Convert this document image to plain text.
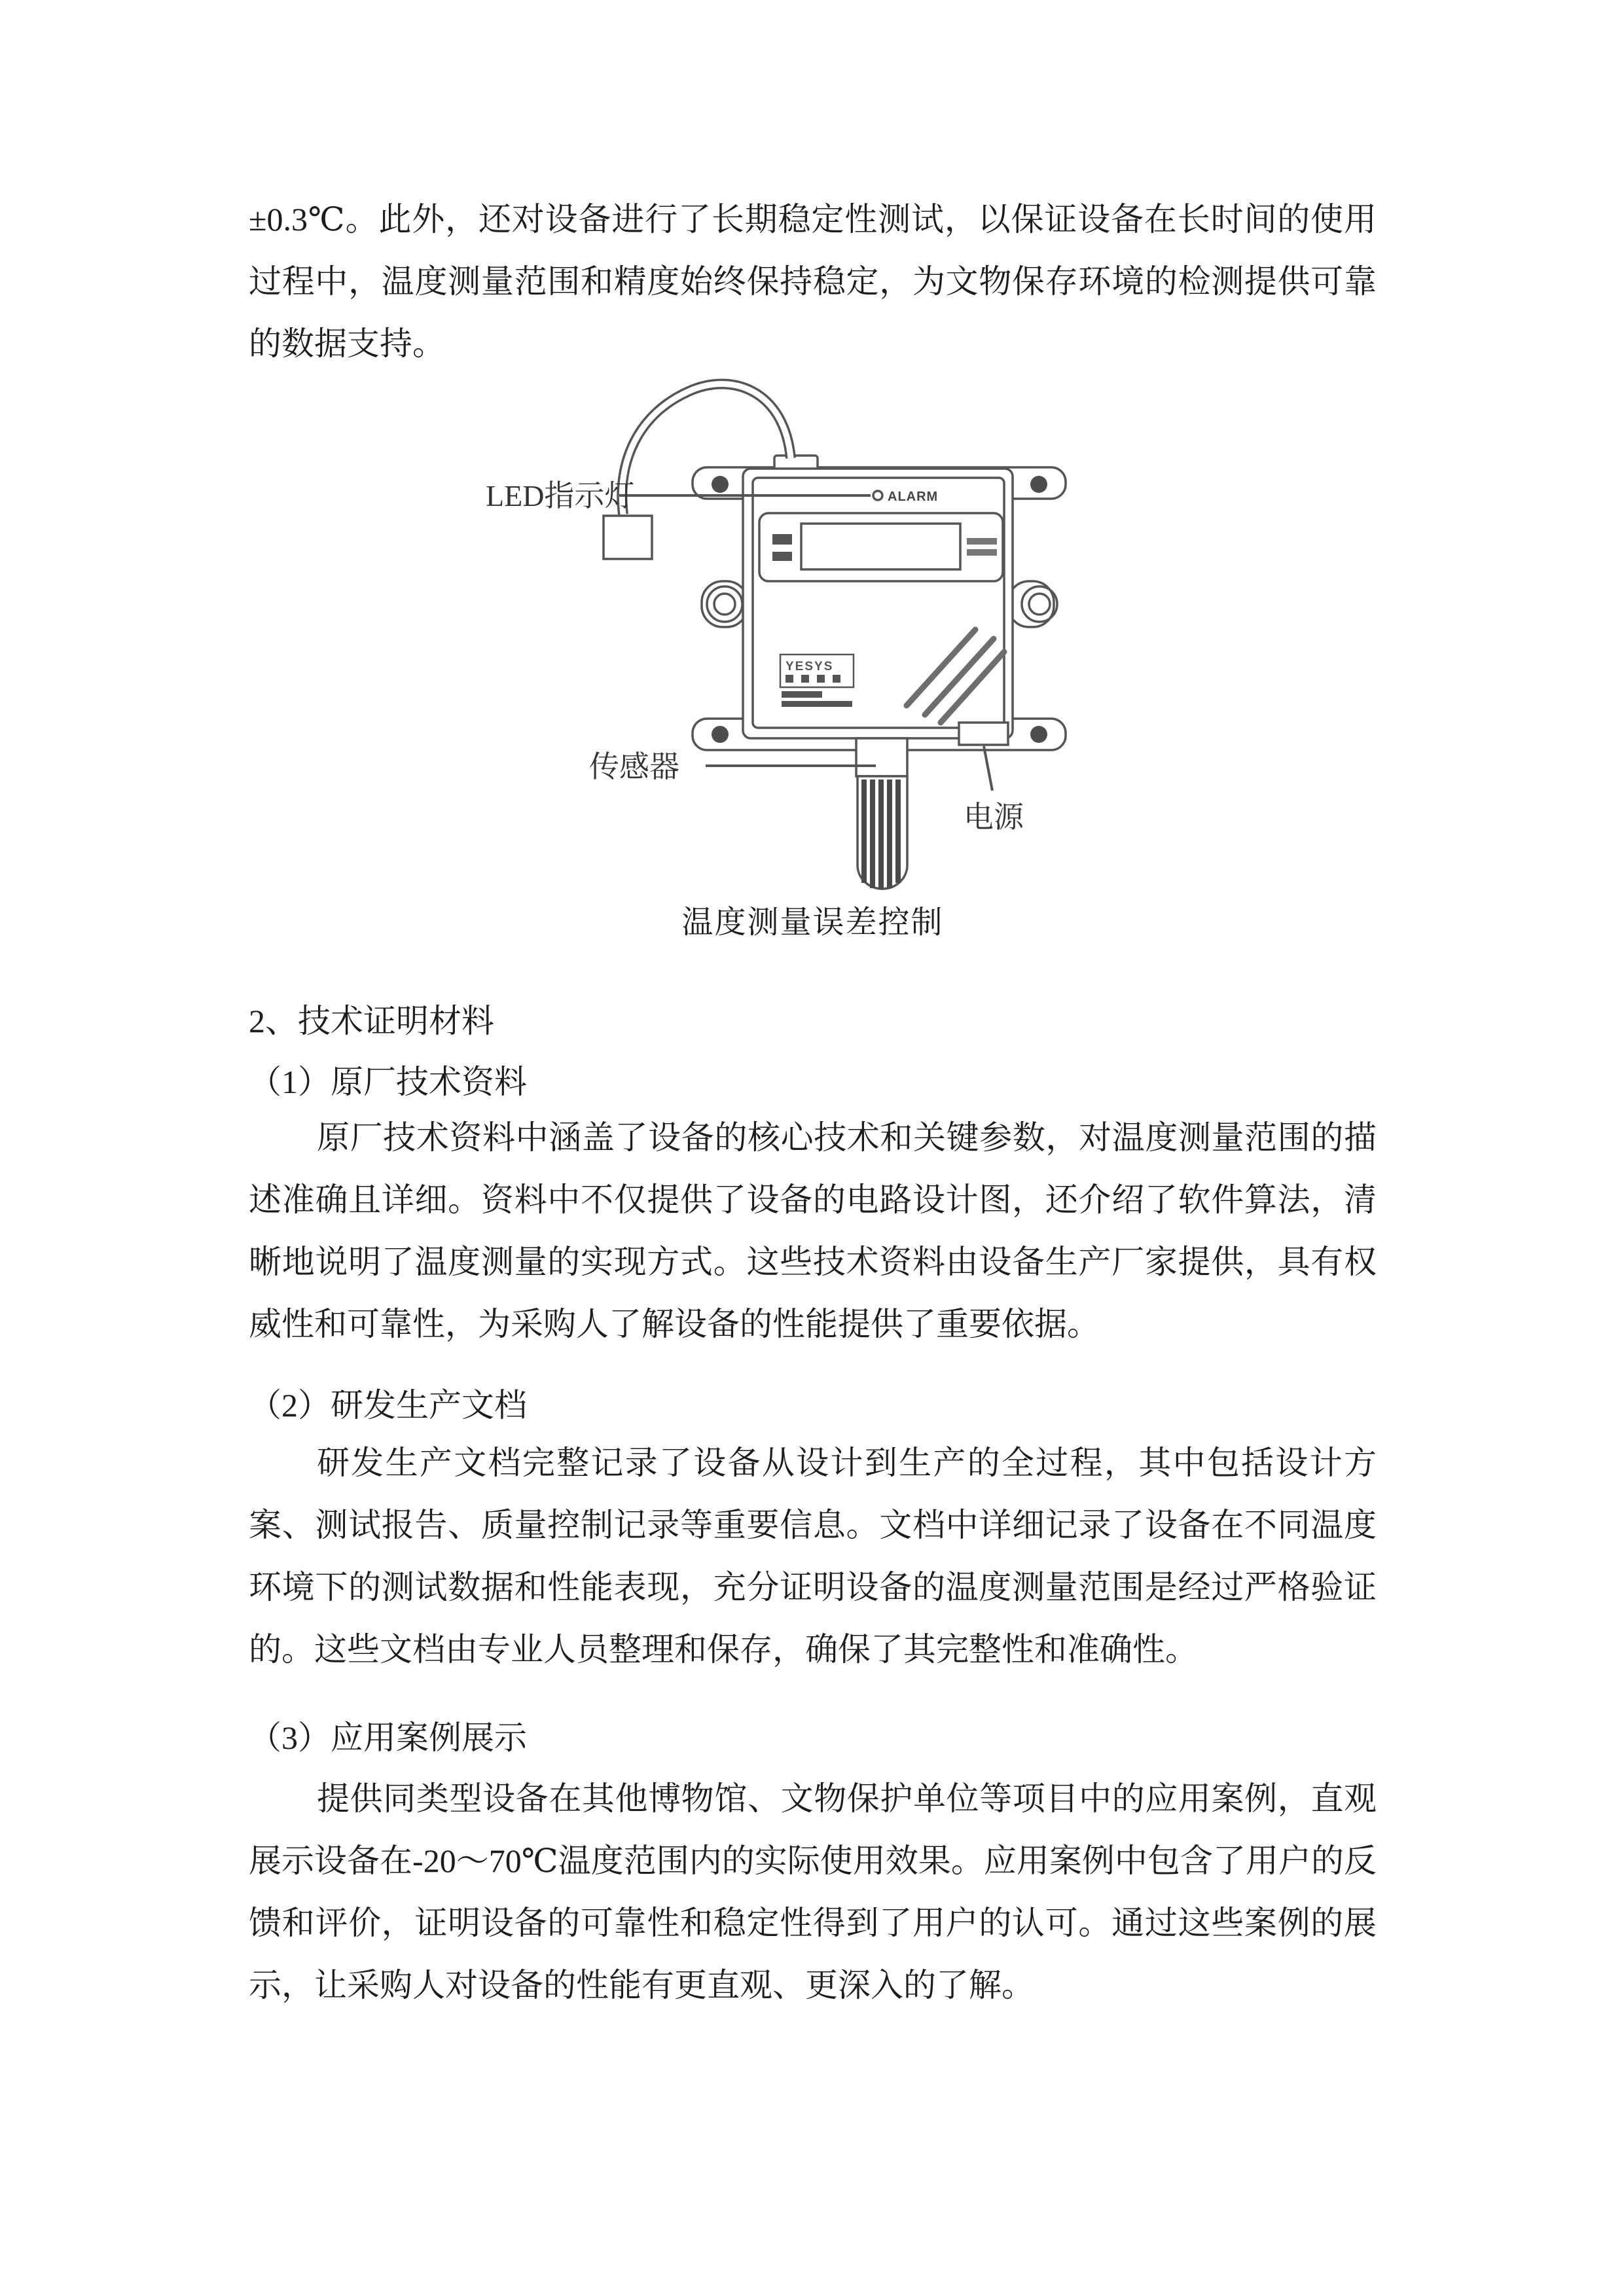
±0.3℃。此外，还对设备进行了长期稳定性测试，以保证设备在长时间的使用
过程中，温度测量范围和精度始终保持稳定，为文物保存环境的检测提供可靠
的数据支持。
ALARM
YESYS
LED指示灯
传感器
电源
温度测量误差控制
2、技术证明材料
（1）原厂技术资料
原厂技术资料中涵盖了设备的核心技术和关键参数，对温度测量范围的描
述准确且详细。资料中不仅提供了设备的电路设计图，还介绍了软件算法，清
晰地说明了温度测量的实现方式。这些技术资料由设备生产厂家提供，具有权
威性和可靠性，为采购人了解设备的性能提供了重要依据。
（2）研发生产文档
研发生产文档完整记录了设备从设计到生产的全过程，其中包括设计方
案、测试报告、质量控制记录等重要信息。文档中详细记录了设备在不同温度
环境下的测试数据和性能表现，充分证明设备的温度测量范围是经过严格验证
的。这些文档由专业人员整理和保存，确保了其完整性和准确性。
（3）应用案例展示
提供同类型设备在其他博物馆、文物保护单位等项目中的应用案例，直观
展示设备在-20～70℃温度范围内的实际使用效果。应用案例中包含了用户的反
馈和评价，证明设备的可靠性和稳定性得到了用户的认可。通过这些案例的展
示，让采购人对设备的性能有更直观、更深入的了解。
